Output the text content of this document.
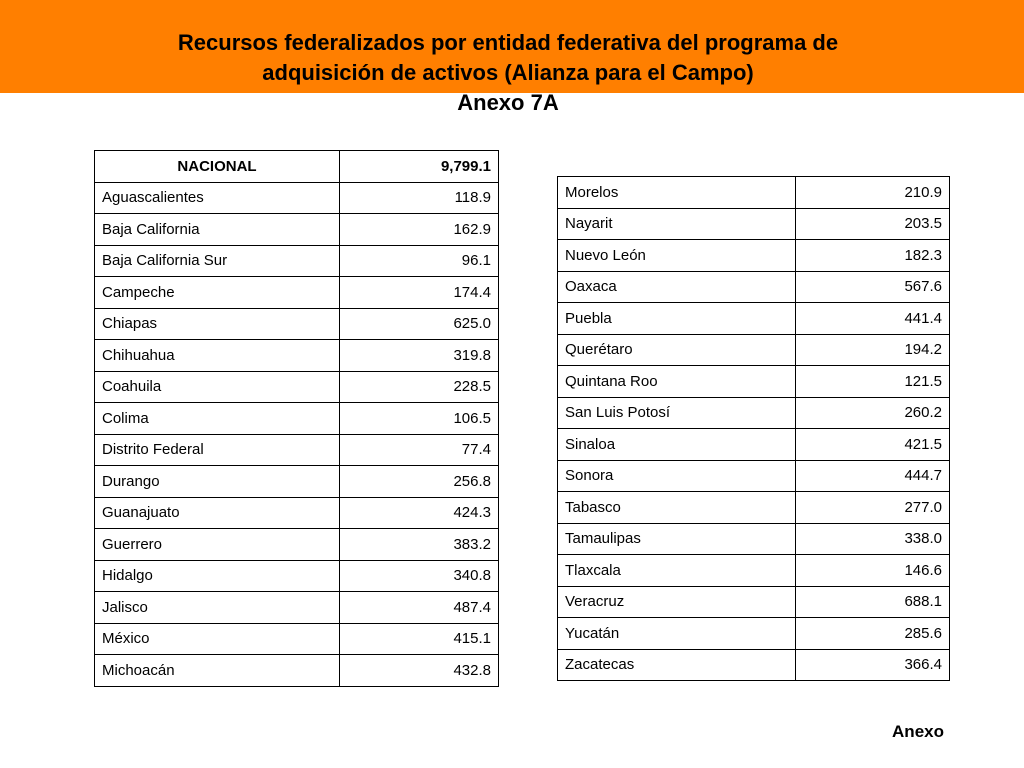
Recursos federalizados por entidad federativa del programa de
adquisición de activos (Alianza para el Campo)
Anexo 7A
NACIONAL	9,799.1
Aguascalientes	118.9
Baja California	162.9
Baja California Sur	96.1
Campeche	174.4
Chiapas	625.0
Chihuahua	319.8
Coahuila	228.5
Colima	106.5
Distrito Federal	77.4
Durango	256.8
Guanajuato	424.3
Guerrero	383.2
Hidalgo	340.8
Jalisco	487.4
México	415.1
Michoacán	432.8
Morelos	210.9
Nayarit	203.5
Nuevo León	182.3
Oaxaca	567.6
Puebla	441.4
Querétaro	194.2
Quintana Roo	121.5
San Luis Potosí	260.2
Sinaloa	421.5
Sonora	444.7
Tabasco	277.0
Tamaulipas	338.0
Tlaxcala	146.6
Veracruz	688.1
Yucatán	285.6
Zacatecas	366.4
Anexo
